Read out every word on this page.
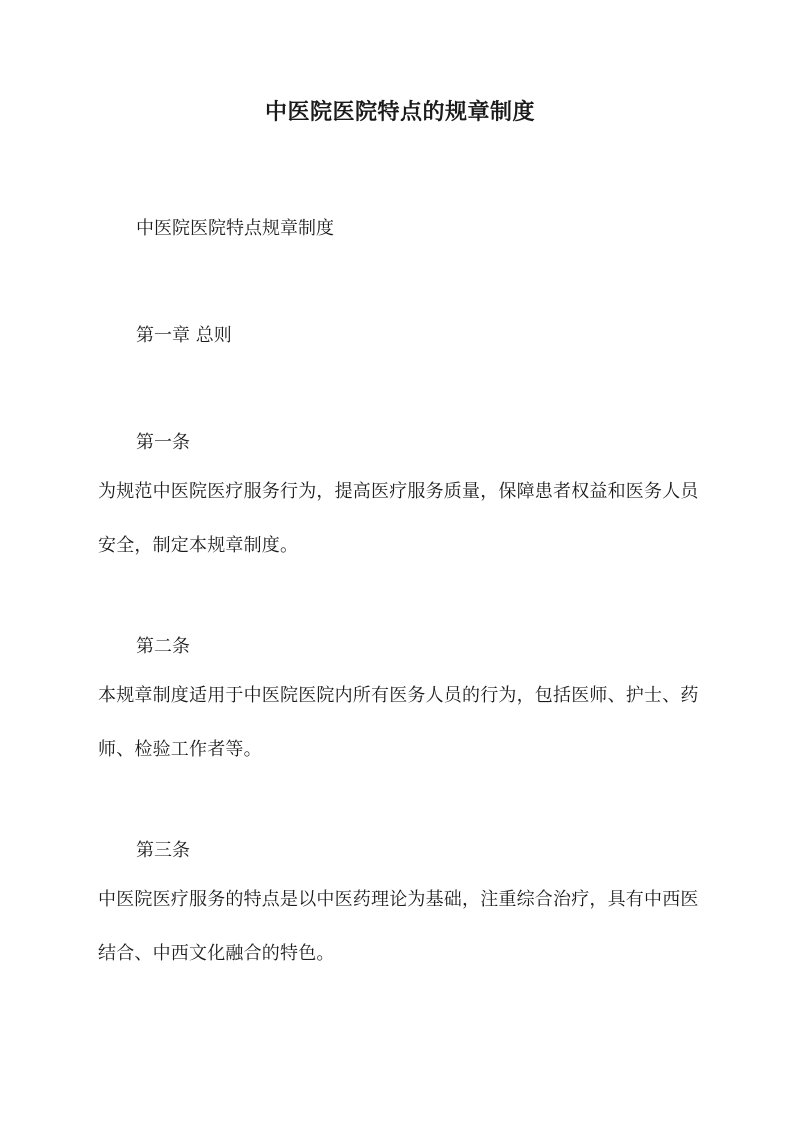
中医院医院特点的规章制度
中医院医院特点规章制度
第一章 总则
第一条
为规范中医院医疗服务行为，提高医疗服务质量，保障患者权益和医务人员安全，制定本规章制度。
第二条
本规章制度适用于中医院医院内所有医务人员的行为，包括医师、护士、药师、检验工作者等。
第三条
中医院医疗服务的特点是以中医药理论为基础，注重综合治疗，具有中西医结合、中西文化融合的特色。
